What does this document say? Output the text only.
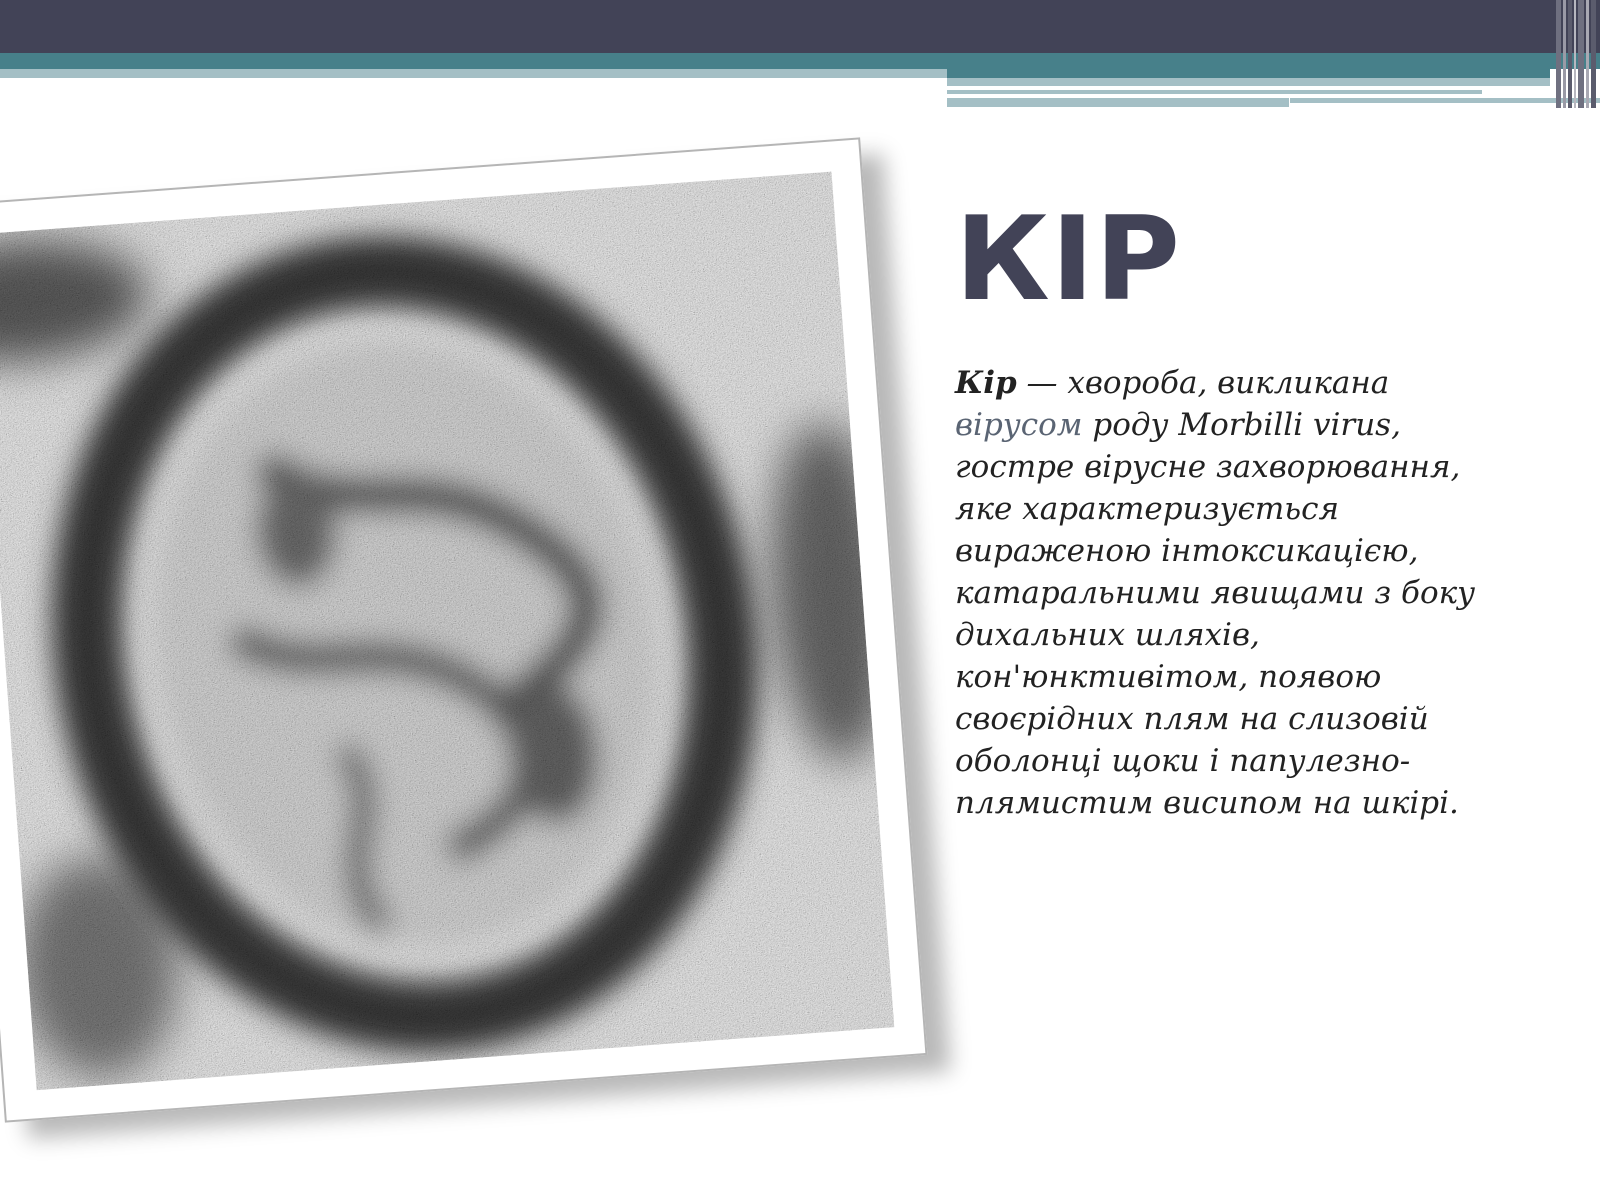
КІР

Кір — хвороба, викликана вірусом роду Morbilli virus, гостре вірусне захворювання, яке характеризується вираженою інтоксикацією, катаральними явищами з боку дихальних шляхів, кон'юнктивітом, появою своєрідних плям на слизовій оболонці щоки і папулезно-плямистим висипом на шкірі.
